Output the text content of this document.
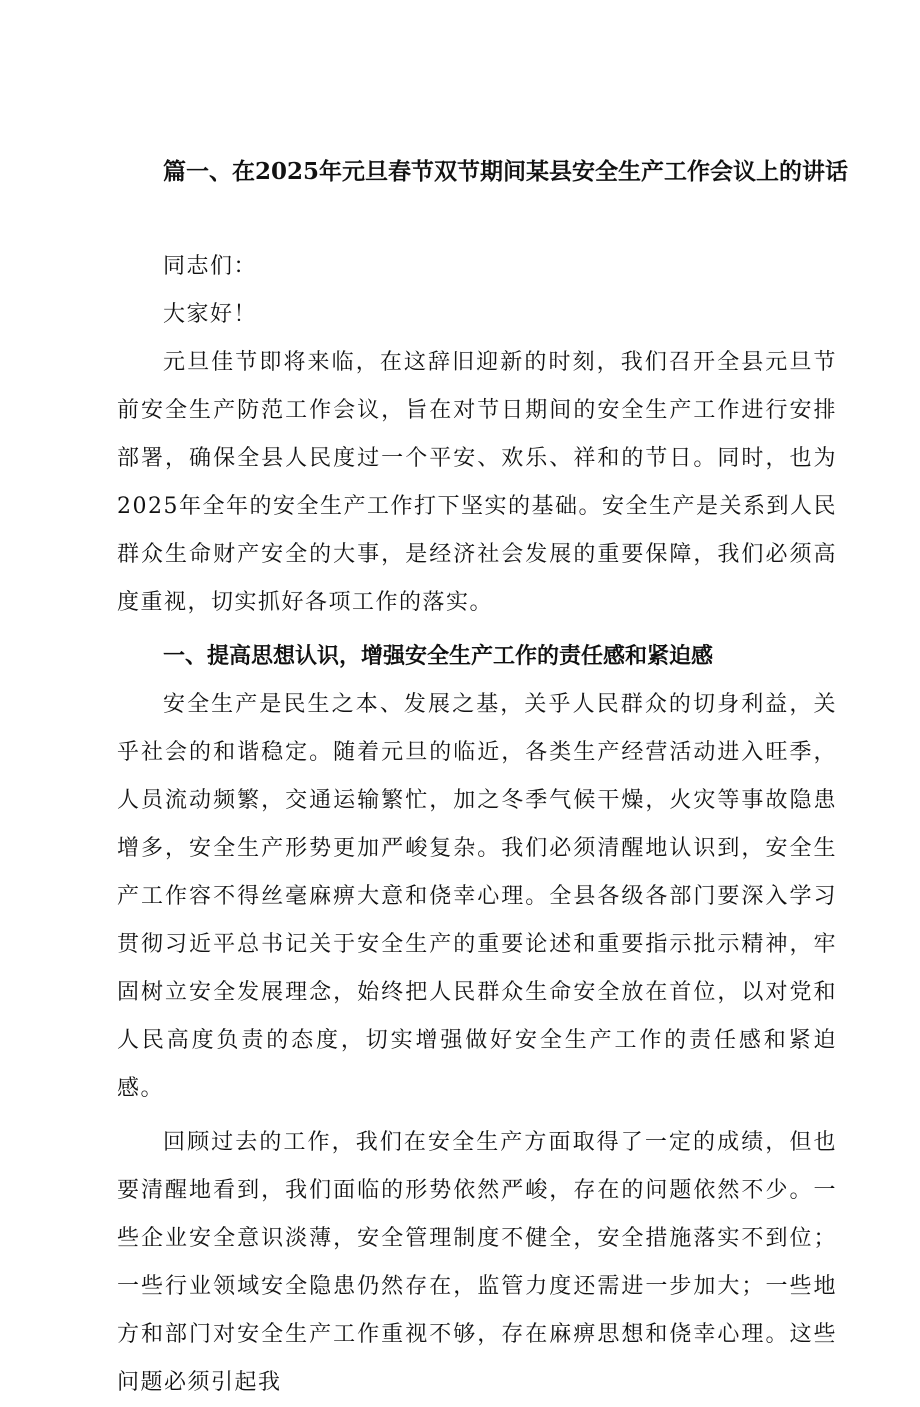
篇一、在2025年元旦春节双节期间某县安全生产工作会议上的讲话

同志们：

大家好！

元旦佳节即将来临，在这辞旧迎新的时刻，我们召开全县元旦节前安全生产防范工作会议，旨在对节日期间的安全生产工作进行安排部署，确保全县人民度过一个平安、欢乐、祥和的节日。同时，也为2025年全年的安全生产工作打下坚实的基础。安全生产是关系到人民群众生命财产安全的大事，是经济社会发展的重要保障，我们必须高度重视，切实抓好各项工作的落实。

一、提高思想认识，增强安全生产工作的责任感和紧迫感

安全生产是民生之本、发展之基，关乎人民群众的切身利益，关乎社会的和谐稳定。随着元旦的临近，各类生产经营活动进入旺季，人员流动频繁，交通运输繁忙，加之冬季气候干燥，火灾等事故隐患增多，安全生产形势更加严峻复杂。我们必须清醒地认识到，安全生产工作容不得丝毫麻痹大意和侥幸心理。全县各级各部门要深入学习贯彻习近平总书记关于安全生产的重要论述和重要指示批示精神，牢固树立安全发展理念，始终把人民群众生命安全放在首位，以对党和人民高度负责的态度，切实增强做好安全生产工作的责任感和紧迫感。

回顾过去的工作，我们在安全生产方面取得了一定的成绩，但也要清醒地看到，我们面临的形势依然严峻，存在的问题依然不少。一些企业安全意识淡薄，安全管理制度不健全，安全措施落实不到位；一些行业领域安全隐患仍然存在，监管力度还需进一步加大；一些地方和部门对安全生产工作重视不够，存在麻痹思想和侥幸心理。这些问题必须引起我
